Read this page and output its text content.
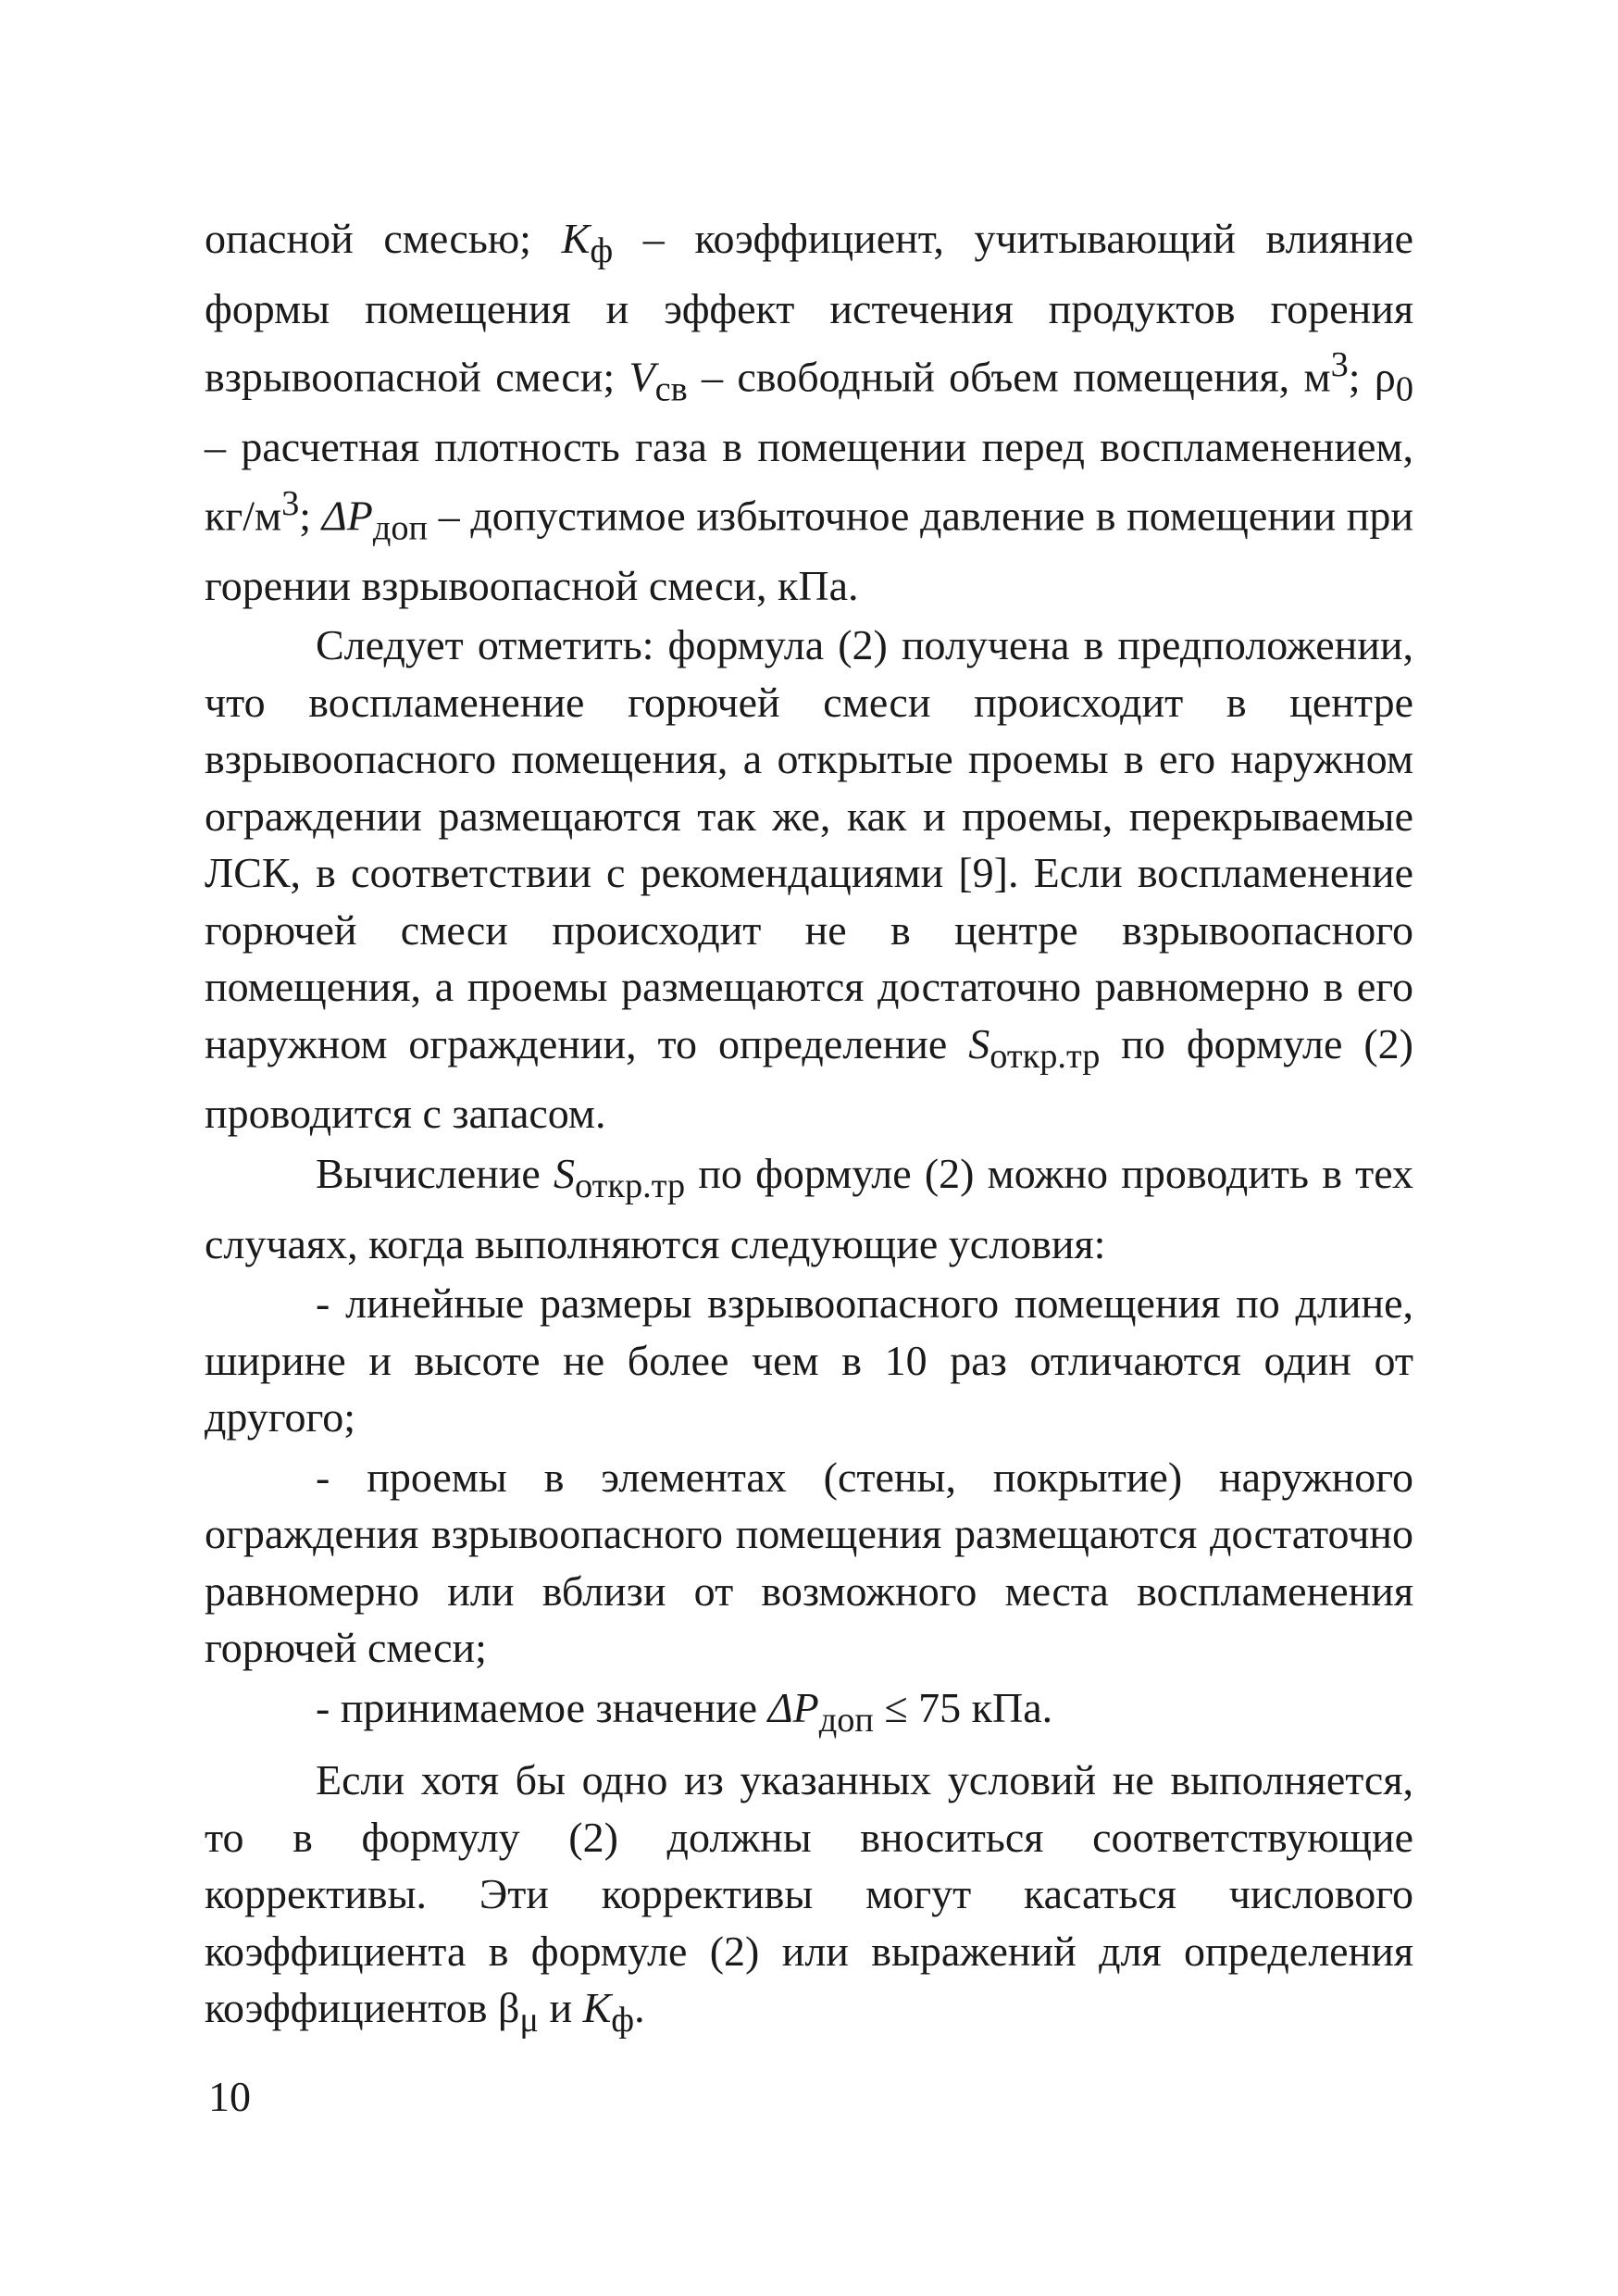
опасной смесью; $K_ф$ – коэффициент, учитывающий влияние формы помещения и эффект истечения продуктов горения взрывоопасной смеси; $V_{св}$ – свободный объем помещения, $м^3$; $\rho_0$ – расчетная плотность газа в помещении перед воспламенением, $кг/м^3$; $\Delta P_{доп}$ – допустимое избыточное давление в помещении при горении взрывоопасной смеси, кПа.

Следует отметить: формула (2) получена в предположении, что воспламенение горючей смеси происходит в центре взрывоопасного помещения, а открытые проемы в его наружном ограждении размещаются так же, как и проемы, перекрываемые ЛСК, в соответствии с рекомендациями [9]. Если воспламенение горючей смеси происходит не в центре взрывоопасного помещения, а проемы размещаются достаточно равномерно в его наружном ограждении, то определение $S_{откр.тр}$ по формуле (2) проводится с запасом.

Вычисление $S_{откр.тр}$ по формуле (2) можно проводить в тех случаях, когда выполняются следующие условия:

- линейные размеры взрывоопасного помещения по длине, ширине и высоте не более чем в 10 раз отличаются один от другого;

- проемы в элементах (стены, покрытие) наружного ограждения взрывоопасного помещения размещаются достаточно равномерно или вблизи от возможного места воспламенения горючей смеси;

- принимаемое значение $\Delta P_{доп} \le 75$ кПа.

Если хотя бы одно из указанных условий не выполняется, то в формулу (2) должны вноситься соответствующие коррективы. Эти коррективы могут касаться числового коэффициента в формуле (2) или выражений для определения коэффициентов $\beta_\mu$ и $K_ф$.

10
